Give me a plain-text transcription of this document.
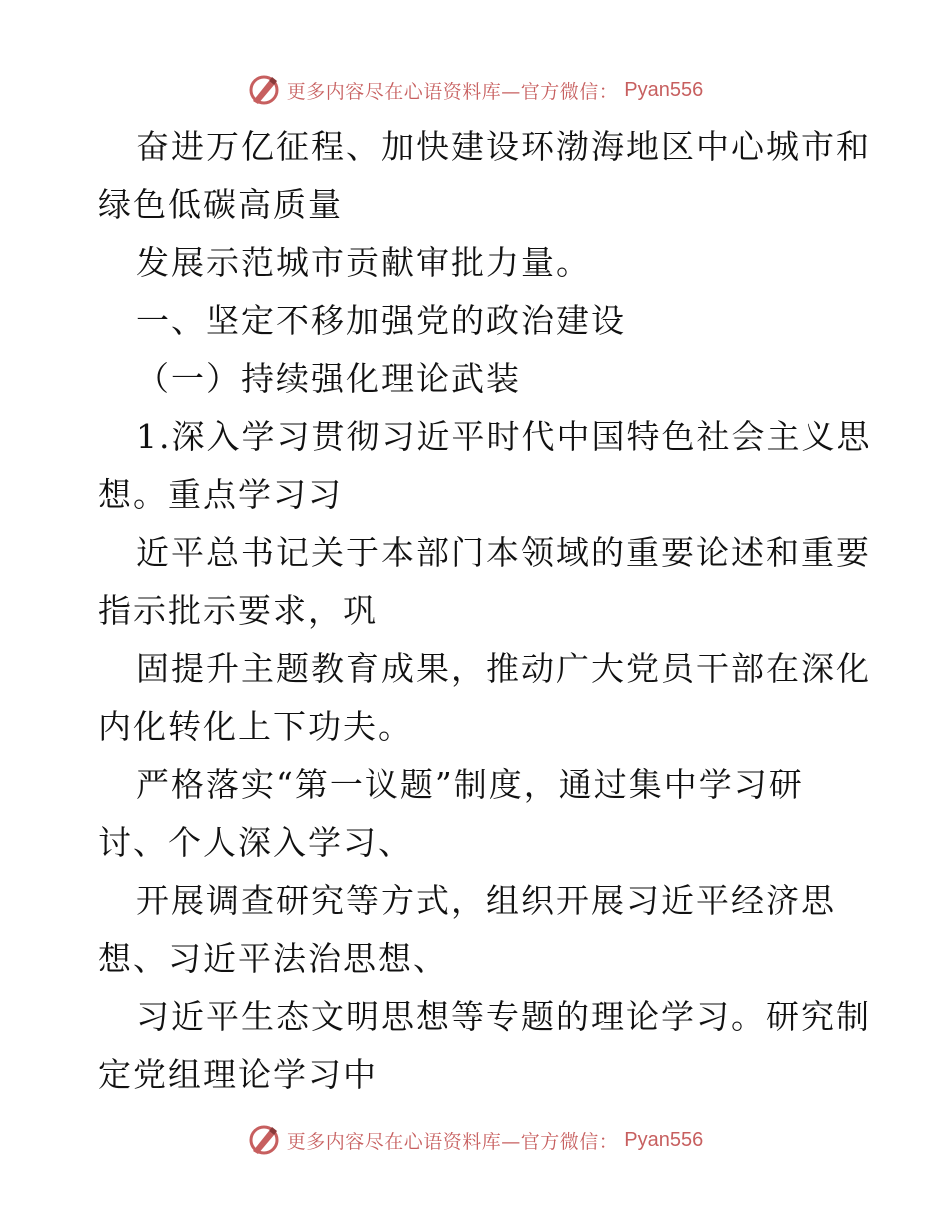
更多内容尽在心语资料库—官方微信： Pyan556

奋进万亿征程、加快建设环渤海地区中心城市和
绿色低碳高质量

发展示范城市贡献审批力量。

一、坚定不移加强党的政治建设

（一）持续强化理论武装

1.深入学习贯彻习近平时代中国特色社会主义思
想。重点学习习

近平总书记关于本部门本领域的重要论述和重要
指示批示要求，巩

固提升主题教育成果，推动广大党员干部在深化
内化转化上下功夫。

严格落实“第一议题”制度，通过集中学习研
讨、个人深入学习、

开展调查研究等方式，组织开展习近平经济思
想、习近平法治思想、

习近平生态文明思想等专题的理论学习。研究制
定党组理论学习中

更多内容尽在心语资料库—官方微信： Pyan556
